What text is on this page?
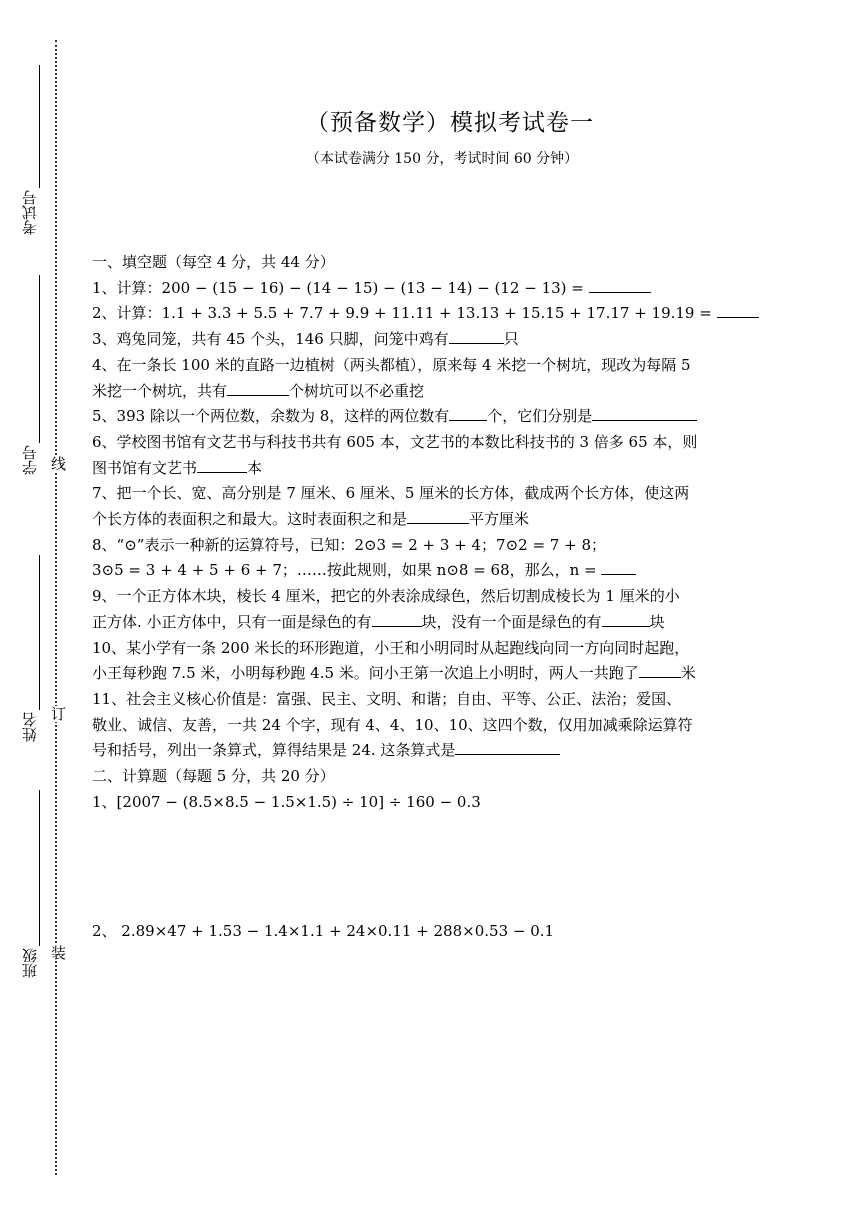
考试号
学号
姓名
班级
线
订
装
（预备数学）模拟考试卷一
（本试卷满分 150 分，考试时间 60 分钟）
一、填空题（每空 4 分，共 44 分）
1、计算：200 − (15 − 16) − (14 − 15) − (13 − 14) − (12 − 13) =
2、计算：1.1 + 3.3 + 5.5 + 7.7 + 9.9 + 11.11 + 13.13 + 15.15 + 17.17 + 19.19 =
3、鸡兔同笼，共有 45 个头，146 只脚，问笼中鸡有	只
4、在一条长 100 米的直路一边植树（两头都植），原来每 4 米挖一个树坑，现改为每隔 5
米挖一个树坑，共有	个树坑可以不必重挖
5、393 除以一个两位数，余数为 8，这样的两位数有	个，它们分别是
6、学校图书馆有文艺书与科技书共有 605 本，文艺书的本数比科技书的 3 倍多 65 本，则
图书馆有文艺书	本
7、把一个长、宽、高分别是 7 厘米、6 厘米、5 厘米的长方体，截成两个长方体，使这两
个长方体的表面积之和最大。这时表面积之和是	平方厘米
8、“⊙”表示一种新的运算符号，已知：2⊙3 = 2 + 3 + 4；7⊙2 = 7 + 8；
3⊙5 = 3 + 4 + 5 + 6 + 7；……按此规则，如果 n⊙8 = 68，那么，n =
9、一个正方体木块，棱长 4 厘米，把它的外表涂成绿色，然后切割成棱长为 1 厘米的小
正方体. 小正方体中，只有一面是绿色的有	块，没有一个面是绿色的有	块
10、某小学有一条 200 米长的环形跑道，小王和小明同时从起跑线向同一方向同时起跑，
小王每秒跑 7.5 米，小明每秒跑 4.5 米。问小王第一次追上小明时，两人一共跑了	米
11、社会主义核心价值是：富强、民主、文明、和谐；自由、平等、公正、法治；爱国、
敬业、诚信、友善，一共 24 个字，现有 4、4、10、10、这四个数，仅用加减乘除运算符
号和括号，列出一条算式，算得结果是 24. 这条算式是
二、计算题（每题 5 分，共 20 分）
1、[2007 − (8.5×8.5 − 1.5×1.5) ÷ 10] ÷ 160 − 0.3
2、 2.89×47 + 1.53 − 1.4×1.1 + 24×0.11 + 288×0.53 − 0.1
